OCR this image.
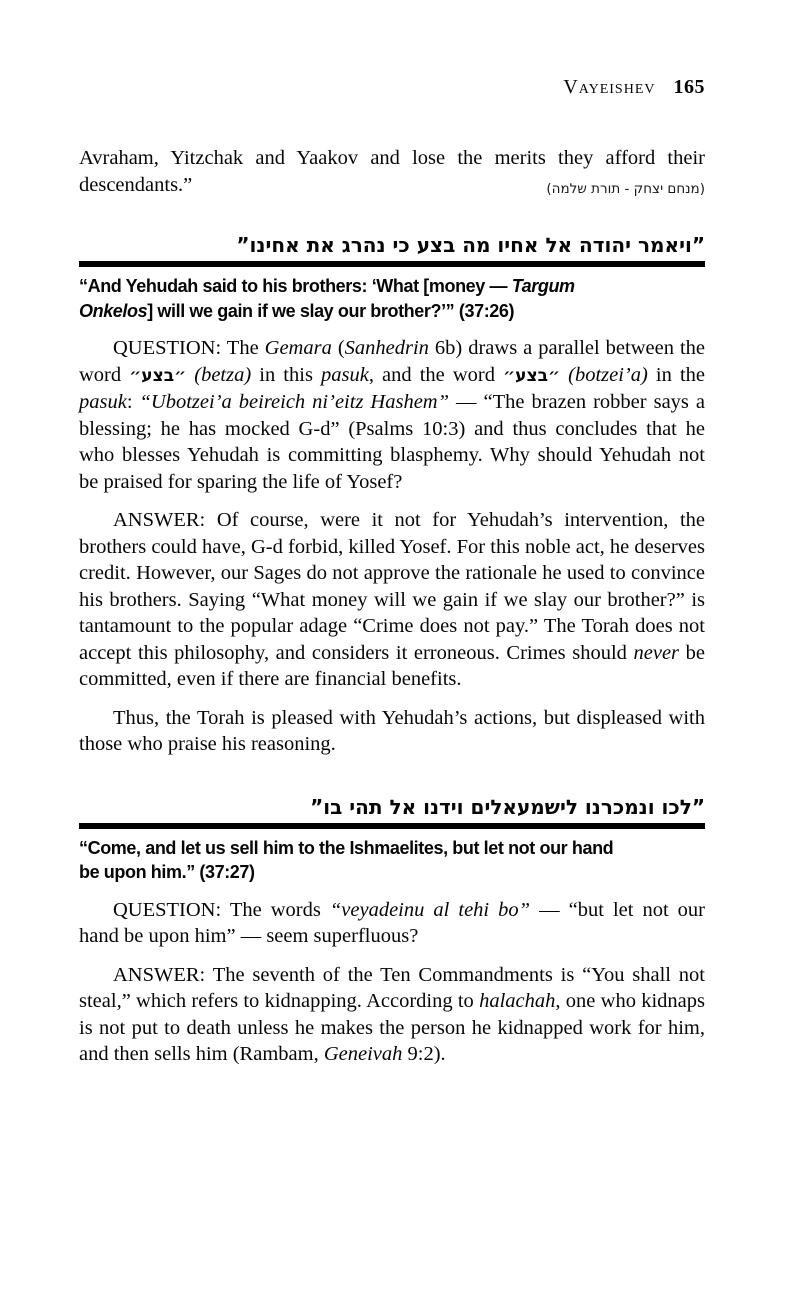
Vayeishev 165
Avraham, Yitzchak and Yaakov and lose the merits they afford their descendants.”	(מנחם יצחק - תורת שלמה)
”ויאמר יהודה אל אחיו מה בצע כי נהרג את אחינו”
“And Yehudah said to his brothers: ‘What [money — Targum
Onkelos] will we gain if we slay our brother?’” (37:26)
QUESTION: The Gemara (Sanhedrin 6b) draws a parallel between the word ״בצע״ (betza) in this pasuk, and the word ״בצע״ (botzei’a) in the pasuk: “Ubotzei’a beireich ni’eitz Hashem” — “The brazen robber says a blessing; he has mocked G-d” (Psalms 10:3) and thus concludes that he who blesses Yehudah is committing blasphemy. Why should Yehudah not be praised for sparing the life of Yosef?
ANSWER: Of course, were it not for Yehudah’s intervention, the brothers could have, G-d forbid, killed Yosef. For this noble act, he deserves credit. However, our Sages do not approve the rationale he used to convince his brothers. Saying “What money will we gain if we slay our brother?” is tantamount to the popular adage “Crime does not pay.” The Torah does not accept this philosophy, and considers it erroneous. Crimes should never be committed, even if there are financial benefits.
Thus, the Torah is pleased with Yehudah’s actions, but displeased with those who praise his reasoning.
”לכו ונמכרנו לישמעאלים וידנו אל תהי בו”
“Come, and let us sell him to the Ishmaelites, but let not our hand
be upon him.” (37:27)
QUESTION: The words “veyadeinu al tehi bo” — “but let not our hand be upon him” — seem superfluous?
ANSWER: The seventh of the Ten Commandments is “You shall not steal,” which refers to kidnapping. According to halachah, one who kidnaps is not put to death unless he makes the person he kidnapped work for him, and then sells him (Rambam, Geneivah 9:2).
